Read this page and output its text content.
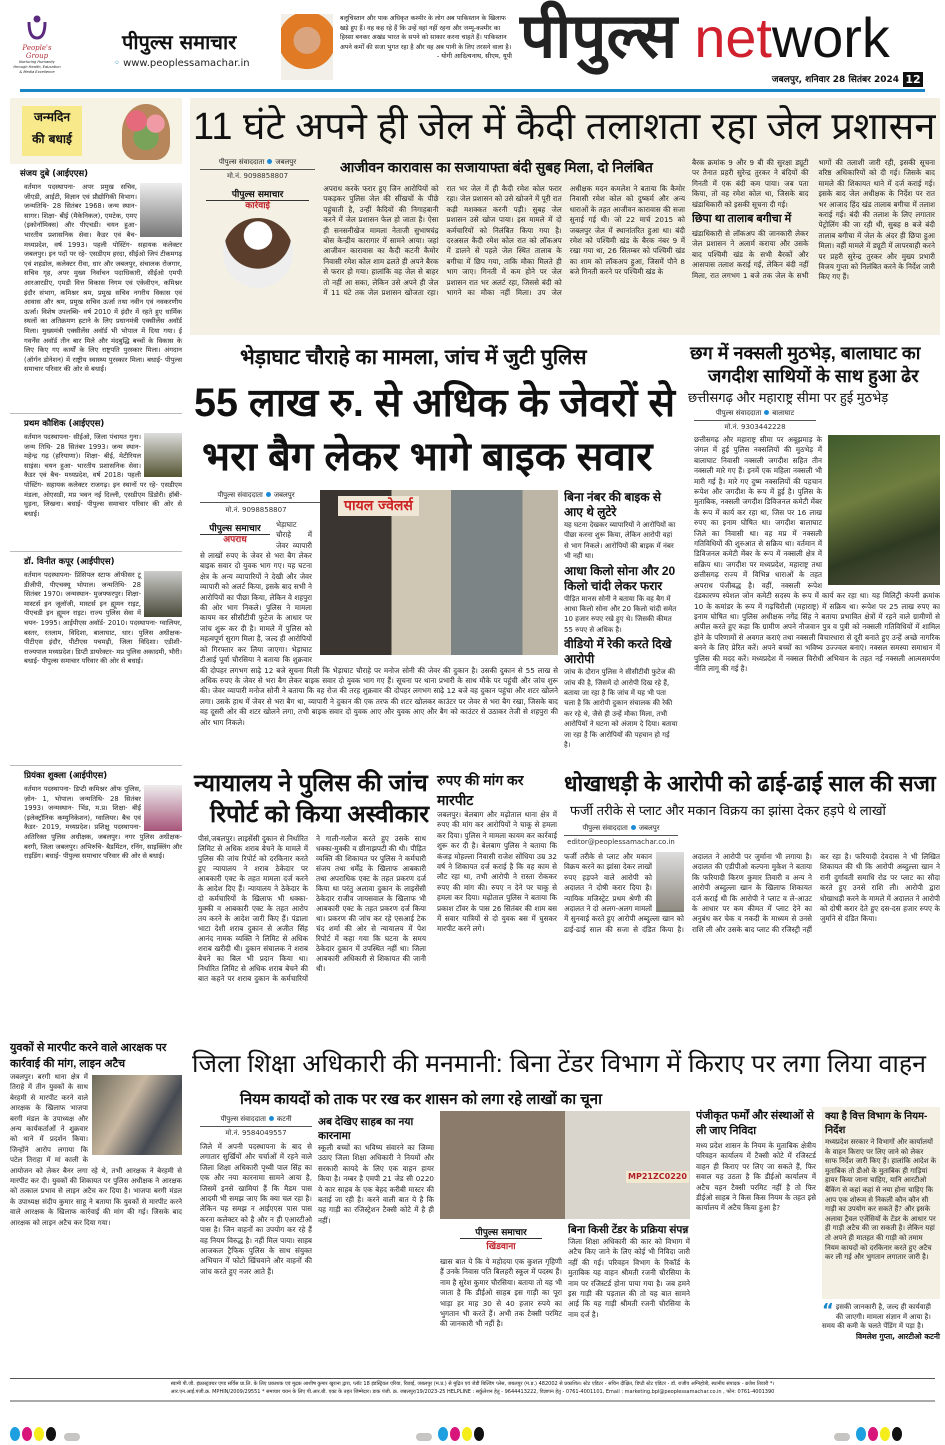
People's Group
Nurturing Humanity through Health, Education & Media Excellence
पीपुल्स समाचार
◦ www.peoplessamachar.in
बलूचिस्तान और पाक अधिकृत कश्मीर के लोग अब पाकिस्तान के खिलाफ खड़े हुए हैं। वह कह रहे हैं कि उन्हें वहां नहीं रहना और जम्मू-कश्मीर का हिस्सा बनकर अखंड भारत के सपने को साकार करना चाहते हैं। पाकिस्तान अपने कर्मों की सजा भुगत रहा है और वह अब पानी के लिए तरसने वाला है।
- योगी आदित्यनाथ, सीएम, यूपी पीपुल्स network
जबलपुर, शनिवार 28 सितंबर 2024 12
जन्मदिन
की बधाई
संजय दुबे (आईएएस)
वर्तमान पदस्थापना- अपर प्रमुख सचिव, जीएडी, आईटी, विज्ञान एवं प्रौद्योगिकी विभाग। जन्मतिथि- 28 सितंबर 1968। जन्म स्थान- सागर। शिक्षा- बीई (मैकेनिकल), एमटेक, एमए (इकोनॉमिक्स) और पीएचडी। चयन हुआ- भारतीय प्रशासनिक सेवा। कैडर एवं बैच- मध्यप्रदेश, वर्ष 1993। पहली पोस्टिंग- सहायक कलेक्टर जबलपुर। इन पदों पर रहे- एसडीएम हरदा, सीईओ जिपं टीकमगढ़ एवं शहडोल, कलेक्टर रीवा, धार और जबलपुर, संचालक रोजगार, सचिव गृह, अपर मुख्य निर्वाचन पदाधिकारी, सीईओ एमपी आरआरडीए, एमडी वित्त विकास निगम एवं एकेवीएन, कमिश्नर इंदौर संभाग, कमिश्नर श्रम, प्रमुख सचिव नगरीय विकास एवं आवास और श्रम, प्रमुख सचिव ऊर्जा तथा नवीन एवं नवकरणीय ऊर्जा। विशेष उपलब्धि- वर्ष 2010 में इंदौर में रहते हुए धार्मिक स्थलों का अतिक्रमण हटाने के लिए प्रधानमंत्री एक्सीलेंस अवॉर्ड मिला। मुख्यमंत्री एक्सीलेंस अवॉर्ड भी भोपाल में दिया गया। ई गवर्नेंस अवॉर्ड तीन बार मिले और मंदबुद्धि बच्चों के विकास के लिए किए गए कार्यों के लिए राष्ट्रपति पुरस्कार मिला। अंगदान (ऑर्गन डोनेशन) में राष्ट्रीय स्वास्थ्य पुरस्कार मिला। बधाई- पीपुल्स समाचार परिवार की ओर से बधाई।
प्रथम कौशिक (आईएएस)
वर्तमान पदस्थापना- सीईओ, जिला पंचायत गुना। जन्म तिथि- 28 सितंबर 1993। जन्म स्थान- महेन्द्र गढ़ (हरियाणा)। शिक्षा- बीई, मेटीरियल साइंस। चयन हुआ- भारतीय प्रशासनिक सेवा। कैडर एवं बैच- मध्यप्रदेश, वर्ष 2018। पहली पोस्टिंग- सहायक कलेक्टर राजगढ़। इन स्थानों पर रहे- एसडीएम मंडला, ओएसडी, मप्र भवन नई दिल्ली, एसडीएम डिंडोरी। हॉबी- घुड़ना, लिखना। बधाई- पीपुल्स समाचार परिवार की ओर से बधाई।
डॉ. विनीत कपूर (आईपीएस)
वर्तमान पदस्थापना- प्रिंसिपल स्टाफ ऑफीसर टू डीजीपी, पीएचक्यू भोपाल। जन्मतिथि- 28 सितंबर 1970। जन्मस्थान- मुजफ्फरपुर। शिक्षा- मास्टर्स इन जूलॉजी, मास्टर्स इन ह्यूमन राइट, पीएचडी इन ह्यूमन राइट। राज्य पुलिस सेवा में चयन- 1995। आईपीएस अवॉर्ड- 2010। पदस्थापना- ग्वालियर, बस्तर, रतलाम, विदिशा, बालाघाट, धार। पुलिस अधीक्षक- पीटीएस इंदौर, पीटीएस पचमढ़ी, जिला विदिशा। एडीशी- राज्यपाल मध्यप्रदेश। डिप्टी डायरेक्टर- मप्र पुलिस अकादमी, भौरी। बधाई- पीपुल्स समाचार परिवार की ओर से बधाई।
प्रियंका शुक्ला (आईपीएस)
वर्तमान पदस्थापना- डिप्टी कमिश्नर ऑफ पुलिस, ज़ोन- 1, भोपाल। जन्मतिथि- 28 सितंबर 1993। जन्मस्थान- भिंड, म.प्र। शिक्षा- बीई (इलेक्ट्रॉनिक कम्युनिकेशन), ग्वालियर। बैच एवं कैडर- 2019, मध्यप्रदेश। प्रशिक्षु पदस्थापना- अतिरिक्त पुलिस अधीक्षक, जबलपुर। नगर पुलिस अधीक्षक- बरगी, जिला जबलपुर। अभिरुचि- बैडमिंटन, रनिंग, साइक्लिंग और राइडिंग। बधाई- पीपुल्स समाचार परिवार की ओर से बधाई।
11 घंटे अपने ही जेल में कैदी तलाशता रहा जेल प्रशासन
पीपुल्स संवाददाता जबलपुर
मो.नं. 9098858807
आजीवन कारावास का सजायाफ्ता बंदी सुबह मिला, दो निलंबित
पीपुल्स समाचार
कार्रवाई
अपराध करके फरार हुए जिन आरोपियों को पकड़कर पुलिस जेल की सींखचों के पीछे पहुंचाती है, उन्हीं कैदियों की निगाहबानी करने में जेल प्रशासन फेल हो जाता है। ऐसा ही सनसनीखेज मामला नेताजी सुभाषचंद्र बोस केन्द्रीय कारागार में सामने आया। जहां आजीवन कारावास का कैदी कटनी कैमोर निवासी रमेश कोल शाम ढलते ही अपने बैरक से फरार हो गया। हालांकि वह जेल से बाहर तो नहीं आ सका, लेकिन उसे अपने ही जेल में 11 घंटे तक जेल प्रशासन खोजता रहा। रात भर जेल में ही कैदी रमेश कोल फरार रहा। जेल प्रशासन को उसे खोजने में पूरी रात कड़ी मशक्कत करनी पड़ी। सुबह जेल प्रशासन उसे खोज पाया। इस मामले में दो कर्मचारियों को निलंबित किया गया है। दरअसल कैदी रमेश कोल रात को लॉकअप में डालने से पहले जेल स्थित तालाब के बगीचा में छिप गया, ताकि मौका मिलते ही भाग जाए। गिनती में कम होने पर जेल प्रशासन रात भर अलर्ट रहा, जिससे बंदी को भागने का मौका नहीं मिला। उप जेल अधीक्षक मदन कमलेश ने बताया कि कैमोर निवासी रमेश कोल को दुष्कर्म और अन्य धाराओं के तहत आजीवन कारावास की सजा सुनाई गई थी। जो 22 मार्च 2015 को जबलपुर जेल में स्थानांतरित हुआ था। बंदी रमेश को पश्चिमी खंड के बैरक नंबर 9 में रखा गया था, 26 सितम्बर को पश्चिमी खंड का शाम को लॉकअप हुआ, जिसमें पौने 8 बजे गिनती करने पर पश्चिमी खंड के
बैरक क्रमांक 9 और 9 बी की सुरक्षा ड्यूटी पर तैनात प्रहरी सुरेन्द्र तुरकर ने बंदियों की गिनती में एक बंदी कम पाया। जब पता किया, तो वह रमेश कोल था, जिसके बाद खंडाधिकारी को इसकी सूचना दी गई।
छिपा था तालाब बगीचा में
खंडाधिकारी से लॉकअप की जानकारी लेकर जेल प्रशासन ने अलार्म कराया और उसके बाद पश्चिमी खंड के सभी बैरकों और आसपास तलाश कराई गई, लेकिन बंदी नहीं मिला, रात लगभग 1 बजे तक जेल के सभी भागों की तलाशी जारी रही, इसकी सूचना वरिष्ठ अधिकारियों को दी गई। जिसके बाद मामले की शिकायत थाने में दर्ज कराई गई। इसके बाद जेल अधीक्षक के निर्देश पर रात भर आजाद हिंद खंड तालाब बगीचा में तलाश कराई गई। बंदी की तलाश के लिए लगातार पेट्रोलिंग की जा रही थी, सुबह 8 बजे बंदी तालाब बगीचा में जेल के अंदर ही छिपा हुआ मिला। वहीं मामले में ड्यूटी में लापरवाही करने पर प्रहरी सुरेन्द्र तुरकर और मुख्य प्रभारी विजय गुप्ता को निलंबित करने के निर्देश जारी किए गए हैं।
भेड़ाघाट चौराहे का मामला, जांच में जुटी पुलिस
55 लाख रु. से अधिक के जेवरों से
भरा बैग लेकर भागे बाइक सवार
पायल ज्वेलर्स
पीपुल्स संवाददाता जबलपुर
मो.नं. 9098858807
पीपुल्स समाचार
अपराध
भेड़ाघाट चौराहे में जेवर व्यापारी से लाखों रुपए के जेवर से भरा बैग लेकर बाइक सवार दो युवक भाग गए। यह घटना क्षेत्र के अन्य व्यापारियों ने देखी और जेवर व्यापारी को अलर्ट किया, इसके बाद सभी ने आरोपियों का पीछा किया, लेकिन वे शहपुरा की ओर भाग निकले। पुलिस ने मामला कायम कर सीसीटीवी फुटेज के आधार पर जांच शुरू कर दी है। मामले में पुलिस को महत्वपूर्ण सुराग मिला है, जल्द ही आरोपियों को गिरफ्तार कर लिया जाएगा। भेड़ाघाट टीआई पूर्वा चौरसिया ने बताया कि शुक्रवार की दोपहर लगभग साढ़े 12 बजे सूचना मिली कि भेड़ाघाट चौराहे पर मनोज सोनी की जेवर की दुकान है। उसकी दुकान से 55 लाख से अधिक रुपए के जेवर से भरा बैग लेकर बाइक सवार दो युवक भाग गए हैं। सूचना पर थाना प्रभारी के साथ मौके पर पहुंची और जांच शुरू की। जेवर व्यापारी मनोज सोनी ने बताया कि वह रोज की तरह शुक्रवार की दोपहर लगभग साढ़े 12 बजे वह दुकान पहुंचा और शटर खोलने लगा। उसके हाथ में जेवर से भरा बैग था, व्यापारी ने दुकान की एक तरफ की शटर खोलकर काउंटर पर जेवर से भरा बैग रखा, जिसके बाद वह दूसरी ओर की शटर खोलने लगा, तभी बाइक सवार दो युवक आए और युवक आए और बैग को काउंटर से उठाकर तेजी से शहपुरा की ओर भाग निकले।
बिना नंबर की बाइक से आए थे लुटेरे
यह घटना देखकर व्यापारियों ने आरोपियों का पीछा करना शुरू किया, लेकिन आरोपी वहां से भाग निकले। आरोपियों की बाइक में नंबर भी नहीं था।
आधा किलो सोना और 20 किलो चांदी लेकर फरार
पीड़ित मानस सोनी ने बताया कि वह बैग में आधा किलो सोना और 20 किलो चांदी समेत 10 हजार रुपए रखे हुए थे। जिसकी कीमत 55 रुपए से अधिक है।
वीडियो में रेकी करते दिखे आरोपी
जांच के दौरान पुलिस ने सीसीटीवी फुटेज की जांच की है, जिसमें दो आरोपी दिख रहे हैं, बताया जा रहा है कि जांच में यह भी पता चला है कि आरोपी दुकान संचालक की रेकी कर रहे थे, जैसे ही उन्हें मौका मिला, तभी आरोपियों ने घटना को अंजाम दे दिया। बताया जा रहा है कि आरोपियों की पहचान हो गई है।
छग में नक्सली मुठभेड़, बालाघाट का
जगदीश साथियों के साथ हुआ ढेर
छत्तीसगढ़ और महाराष्ट्र सीमा पर हुई मुठभेड़
पीपुल्स संवाददाता बालाघाट
मो.नं. 9303442228
छत्तीसगढ़ और महाराष्ट्र सीमा पर अबूझमाड़ के जंगल में हुई पुलिस नक्सलियों की मुठभेड़ में बालाघाट निवासी नक्सली जगदीश सहित तीन नक्सली मारे गए हैं। इनमें एक महिला नक्सली भी मारी गई है। मारे गए दुष्म नक्सलियों की पहचान रूपेश और जगदीश के रूप में हुई है। पुलिस के मुताबिक, नक्सली जगदीश डिविजनल कमेटी मेंबर के रूप में कार्य कर रहा था, जिस पर 16 लाख रुपए का इनाम घोषित था। जगदीश बालाघाट जिले का निवासी था। वह मप्र में नक्सली गतिविधियों की शुरुआत से सक्रिय था। वर्तमान में डिविजनल कमेटी मेंबर के रूप में नक्सली क्षेत्र में सक्रिय था। जगदीश पर मध्यप्रदेश, महाराष्ट्र तथा छत्तीसगढ़ राज्य में विभिन्न धाराओं के तहत अपराध पंजीबद्ध है। वहीं, नक्सली रूपेश दंडकारण्य स्पेशल जोन कमेटी सदस्य के रूप में कार्य कर रहा था। यह मिलिट्री कंपनी क्रमांक 10 के कमांडर के रूप में गढ़चिरौली (महाराष्ट्र) में सक्रिय था। रूपेश पर 25 लाख रुपए का इनाम घोषित था। पुलिस अधीक्षक नगेंद्र सिंह ने बताया प्रभावित क्षेत्रों में रहने वाले ग्रामीणों से अपील करते हुए कहा कि ग्रामीण अपने नौजवान पुत्र व पुत्री को नक्सली गतिविधियों में शामिल होने के परिणामों से अवगत कराएं तथा नक्सली विचारधारा से दूरी बनाते हुए उन्हें अच्छे नागरिक बनने के लिए प्रेरित करें। अपने बच्चों का भविष्य उज्ज्वल बनाएं। नक्सल समस्या समाधान में पुलिस की मदद करें। मध्यप्रदेश में नक्सल विरोधी अभियान के तहत नई नक्सली आत्मसमर्पण नीति लागू की गई है।
न्यायालय ने पुलिस की जांच
रिपोर्ट को किया अस्वीकार
पीसं,जबलपुर। लाइसेंसी दुकान से निर्धारित लिमिट से अधिक शराब बेचने के मामले में पुलिस की जांच रिपोर्ट को दरकिनार करते हुए न्यायालय ने शराब ठेकेदार पर आबकारी एक्ट के तहत मामला दर्ज करने के आदेश दिए हैं। न्यायालय ने ठेकेदार के दो कर्मचारियों के खिलाफ भी धक्का-मुक्की व आबकारी एक्ट के तहत आरोप तय करने के आदेश जारी किए हैं। पंडाला भाटा देशी शराब दुकान से अजीत सिंह आनंद नामक व्यक्ति ने लिमिट से अधिक शराब खरीदी थी। दुकान संचालक ने शराब बेचने का बिल भी प्रदान किया था। निर्धारित लिमिट से अधिक शराब बेचने की बात कहने पर शराब दुकान के कर्मचारियों ने गाली-गलौज करते हुए उसके साथ धक्का-मुक्की व छीनाझपटी की थी। पीड़ित व्यक्ति की शिकायत पर पुलिस ने कर्मचारी संजय तथा धर्मेंद्र के खिलाफ आबकारी तथा अपराधिक एक्ट के तहत प्रकरण दर्ज किया था परंतु अलावा दुकान के लाइसेंसी ठेकेदार राजीव जायसवाल के खिलाफ भी आबकारी एक्ट के तहत प्रकरण दर्ज किया था। प्रकरण की जांच कर रहे एसआई टेक चंद शर्मा की ओर से न्यायालय में पेश रिपोर्ट में कहा गया कि घटना के समय ठेकेदार दुकान में उपस्थित नहीं था। जिला आबकारी अधिकारी से शिकायत की जानी थी।
रुपए की मांग कर मारपीट
जबलपुर। बेलबाग और मढ़ोताल थाना क्षेत्र में रुपए की मांग कर आरोपियों ने चाकू से हमला कर दिया। पुलिस ने मामला कायम कर कार्रवाई शुरू कर दी है। बेलबाग पुलिस ने बताया कि कंजड़ मोहल्ला निवासी राजेश सोंधिया उम्र 32 वर्ष ने शिकायत दर्ज कराई है कि वह काम से लौट रहा था, तभी आरोपी ने रास्ता रोककर रुपए की मांग की। रुपए न देने पर चाकू से हमला कर दिया। मढ़ोताल पुलिस ने बताया कि प्रकाश टॉवर के पास 26 सितंबर की शाम बस में सवार यात्रियों से दो युवक बस में घुसकर मारपीट करने लगे।
धोखाधड़ी के आरोपी को ढाई-ढाई साल की सजा
फर्जी तरीके से प्लाट और मकान विक्रय का झांसा देकर हड़पे थे लाखों
पीपुल्स संवाददाता जबलपुर
editor@peoplessamachar.co.in
फर्जी तरीके से प्लाट और मकान विक्रय करने का झांसा देकर लाखों रुपए हड़पने वाले आरोपी को अदालत ने दोषी करार दिया है। न्यायिक मजिस्ट्रेट प्रथम श्रेणी की अदालत ने दो अलग-अलग मामलों में सुनवाई करते हुए आरोपी अब्दुल्ला खान को ढाई-ढाई साल की सजा से दंडित किया है। अदालत ने आरोपी पर जुर्माना भी लगाया है। अदालत की एडीपीओ कल्पना मुकेश ने बताया कि फरियादी किरण कुमार तिवारी व अन्य ने आरोपी अब्दुल्ला खान के खिलाफ शिकायत दर्ज कराई थी कि आरोपी ने प्लाट व ले-आउट के आधार पर कम कीमत में प्लाट देने का अनुबंध कर चेक व नकदी के माध्यम से उनसे राशि ली और उसके बाद प्लाट की रजिस्ट्री नहीं कर रहा है। फरियादी देवदास ने भी लिखित शिकायत की थी कि आरोपी अब्दुल्ला खान ने रानी दुर्गावती समाधि रोड पर प्लाट का सौदा करते हुए उनसे राशि ली। आरोपी द्वारा धोखाधड़ी करने के मामले में अदालत ने आरोपी को दोषी करार देते हुए दस-दस हजार रुपए के जुर्माने से दंडित किया।
युवकों से मारपीट करने वाले आरक्षक पर कार्रवाई की मांग, लाइन अटैच
जबलपुर। बरगी थाना क्षेत्र में तिराहे में तीन युवकों के साथ बेरहमी से मारपीट करने वाले आरक्षक के खिलाफ भाजपा बरगी मंडल के उपाध्यक्ष और अन्य कार्यकर्ताओं ने शुक्रवार को थाने में प्रदर्शन किया। जिन्होंने आरोप लगाया कि पटेल तिराहा में मां काली के आयोजन को लेकर बैनर लगा रहे थे, तभी आरक्षक ने बेरहमी से मारपीट कर दी। युवकों की शिकायत पर पुलिस अधीक्षक ने आरक्षक को तत्काल प्रभाव से लाइन अटैच कर दिया है। भाजपा बरगी मंडल के उपाध्यक्ष संदीप कुमार साहू ने बताया कि युवकों से मारपीट करने वाले आरक्षक के खिलाफ कार्रवाई की मांग की गई। जिसके बाद आरक्षक को लाइन अटैच कर दिया गया।
जिला शिक्षा अधिकारी की मनमानी: बिना टेंडर विभाग में किराए पर लगा लिया वाहन
नियम कायदों को ताक पर रख कर शासन को लगा रहे लाखों का चूना
पीपुल्स संवाददाता कटनी
मो.नं. 9584049557
जिले में अपनी पदस्थापना के बाद से लगातार सुर्खियों और चर्चाओं में रहने वाले जिला शिक्षा अधिकारी पृथ्वी पाल सिंह का एक और नया कारनामा सामने आया है, जिसमें इनसे खामियां हैं कि मैडम पास आदमी भी समझ जाए कि क्या चल रहा है। लेकिन यह समझ न आईएएस पास पास करना कलेक्टर को है और न ही एआरटीओ पास है। जिन वाहनों का उपयोग कर रहे हैं वह नियम विरुद्ध है। नहीं मिल पाया। साहब आजकल ट्रैफिक पुलिस के साथ संयुक्त अभियान में फोटो खिंचवाने और वाहनों की जांच करते हुए नजर आते हैं।
अब देखिए साहब का नया कारनामा
स्कूली बच्चों का भविष्य संवारने का जिम्मा उठाए जिला शिक्षा अधिकारी ने नियमों और सरकारी कायदे के लिए एक वाहन हायर किया है। नम्बर है एमपी 21 जेड सी 0220 ये कार साहब के एक बेहद करीबी मास्टर की बताई जा रही है। करने वाली बात ये है कि यह गाड़ी का रजिस्ट्रेशन टैक्सी कोटे में है ही नहीं।
MP21ZC0220
पीपुल्स समाचार
खिंडवाना
खास बात ये कि ये महोदया एक कुशल गृहिणी हैं उनके निवास पति बिलहरी स्कूल में पदस्थ हैं। नाम है सुरेश कुमार चौरसिया। बताया तो यह भी जाता है कि डीईओ साहब इस गाड़ी का पूरा भाड़ा हर माह 30 से 40 हजार रुपये का भुगतान भी करते हैं। अभी तक टैक्सी परमिट की जानकारी भी नहीं है।
बिना किसी टेंडर के प्रक्रिया संपन्न
जिला शिक्षा अधिकारी की कार को विभाग में अटैच किए जाने के लिए कोई भी निविदा जारी नहीं की गई। परिवहन विभाग के रिकॉर्ड के मुताबिक यह वाहन श्रीमती रजनी चौरसिया के नाम पर रजिस्टर्ड होना पाया गया है। जब हमने इस गाड़ी की पड़ताल की तो यह बात सामने आई कि यह गाड़ी श्रीमती रजनी चौरसिया के नाम दर्ज है।
पंजीकृत फर्मों और संस्थाओं से ली जाए निविदा
मध्य प्रदेश शासन के नियम के मुताबिक क्षेत्रीय परिवहन कार्यालय में टैक्सी कोटे में रजिस्टर्ड वाहन ही किराए पर लिए जा सकते हैं, फिर सवाल यह उठता है कि डीईओ कार्यालय में अटैच यहन टैक्सी परमिट नहीं है तो फिर डीईओ साहब ने किस किस नियम के तहत इसे कार्यालय में अटैच किया हुआ है?
क्या है वित्त विभाग के नियम-निर्देश
मध्यप्रदेश सरकार ने विभागों और कार्यालयों के वाहन किराए पर लिए जाने को लेकर साफ निर्देश जारी किए हैं। हालांकि आदेश के मुताबिक तो डीओ के मुताबिक ही गाड़ियां हायर किया जाना चाहिए, यानि आरटीओ बैंकिंग से कहां कहां से नया होना चाहिए कि आप एक शोरूम से निकली कौन कौन सी गाड़ी का उपयोग कर सकते हैं? और इसके अलावा ट्रैवल एजेंसियों के टेंडर के आधार पर ही गाड़ी अटैच की जा सकती है। लेकिन यहां तो अपने ही मातहत की गाड़ी को तमाम नियम कायदों को दरकिनार करते हुए अटैच कर ली गई और भुगतान लगातार जारी है।
“ इसकी जानकारी है, जल्द ही कार्यवाही की जाएगी। मामला संज्ञान में आया है। समय की कमी के चलते पेंडिंग में पड़ा है।
विमलेश गुप्ता, आरटीओ कटनी
स्वामी पी.जी. इंफ्रास्ट्रक्चर एण्ड सर्विस प्रा.लि. के लिए प्रकाशक एवं मुद्रक आशीष कुमार खुराना द्वारा, प्लॉट 18 इंडस्ट्रियल एरिया, रिछाई, जबलपुर (म.प्र.) से मुद्रित एवं जेडी बिल्डिंग प्लेस, जबलपुर (म.प्र.) 482002 से प्रकाशित। स्टेट एडिटर - सचिन दीक्षित, डिप्टी स्टेट एडिटर - डॉ. राजीव अग्निहोत्री, स्थानीय संपादक - ब्रजेश तिवारी *।
आर.एन.आई.पंजी.क्र. MPHIN/2009/29551 * समाचार चयन के लिए पी.आर.बी. एक्ट के तहत जिम्मेदार। डाक पंजी. क्र. जबलपुर/19/2023-25 HELPLINE : सर्कुलेशन हेतु - 9644413222, विज्ञापन हेतु - 0761-4001101, Email : marketing.bpl@peoplessamachar.co.in , फोन: 0761-4001390
